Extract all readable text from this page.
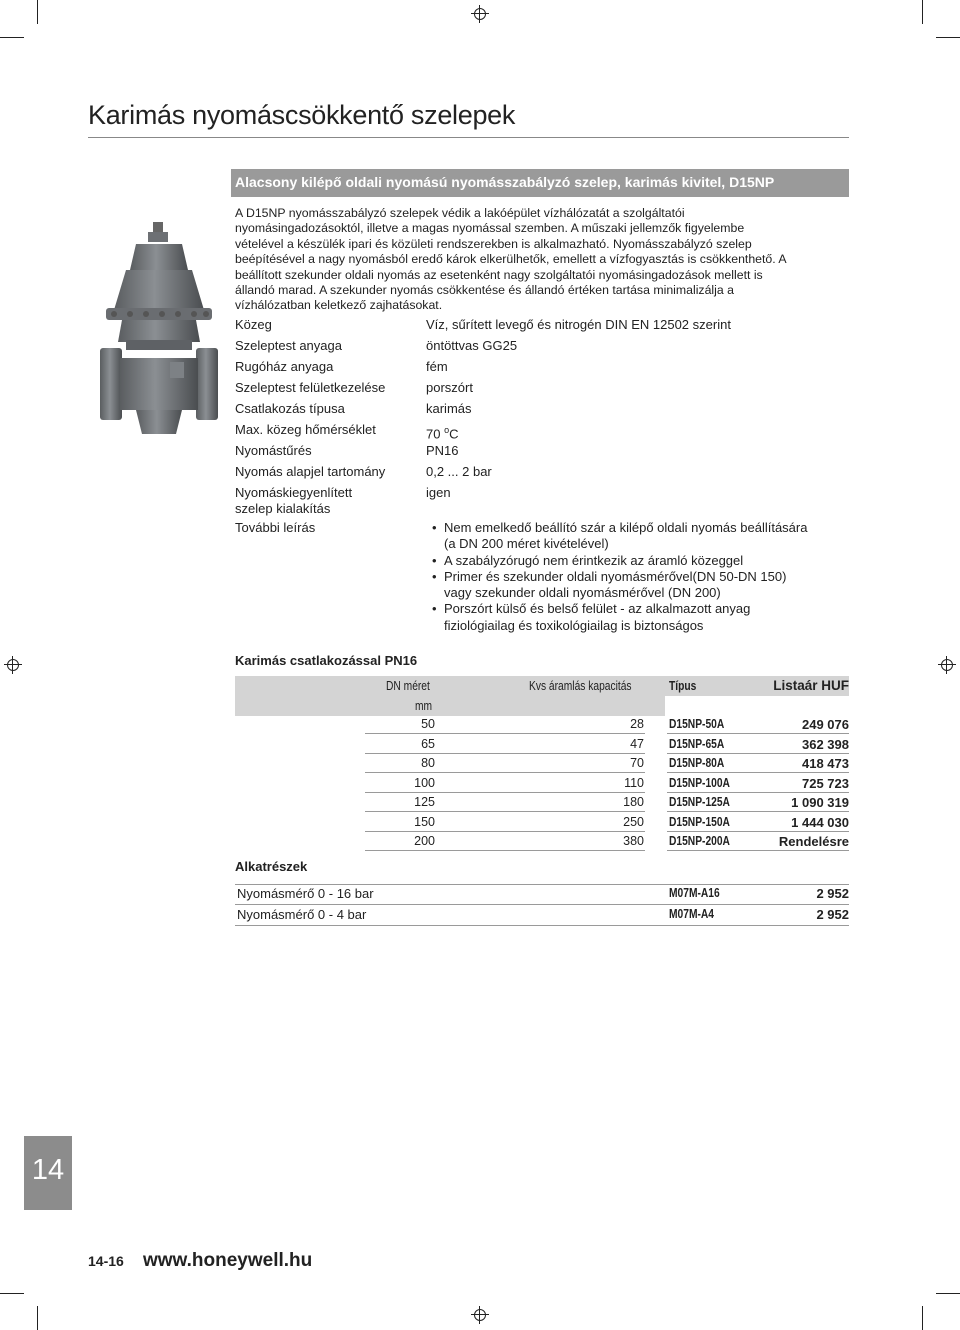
Karimás nyomáscsökkentő szelepek
Alacsony kilépő oldali nyomású nyomásszabályzó szelep, karimás kivitel, D15NP
A D15NP nyomásszabályzó szelepek védik a lakóépület vízhálózatát a szolgáltatói
nyomásingadozásoktól, illetve a magas nyomással szemben. A műszaki jellemzők figyelembe
vételével a készülék ipari és közületi rendszerekben is alkalmazható. Nyomásszabályzó szelep
beépítésével a nagy nyomásból eredő károk elkerülhetők, emellett a vízfogyasztás is csökkenthető. A
beállított szekunder oldali nyomás az esetenként nagy szolgáltatói nyomásingadozások mellett is
állandó marad. A szekunder nyomás csökkentése és állandó értéken tartása minimalizálja a
vízhálózatban keletkező zajhatásokat.
Közeg	Víz, sűrített levegő és nitrogén DIN EN 12502 szerint
Szeleptest anyaga	öntöttvas GG25
Rugóház anyaga	fém
Szeleptest felületkezelése	porszórt
Csatlakozás típusa	karimás
Max. közeg hőmérséklet	70 $^o$C
Nyomástűrés	PN16
Nyomás alapjel tartomány	0,2 ... 2 bar
Nyomáskiegyenlített
szelep kialakítás
igen
További leírás
•	Nem emelkedő beállító szár a kilépő oldali nyomás beállítására
(a DN 200 méret kivételével)
• A szabályzórugó nem érintkezik az áramló közeggel
• Primer és szekunder oldali nyomásmérővel(DN 50-DN 150)
vagy szekunder oldali nyomásmérővel (DN 200)
• Porszórt külső és belső felület - az alkalmazott anyag
fiziológiailag és toxikológiailag is biztonságos
Karimás csatlakozással PN16
DN méret	Kvs áramlás kapacitás	Típus	Listaár HUF
mm
50	28 D15NP-50A	249 076
65	47 D15NP-65A	362 398
80	70 D15NP-80A	418 473
100	110 D15NP-100A	725 723
125	180 D15NP-125A	1 090 319
150	250 D15NP-150A	1 444 030
200	380 D15NP-200A	Rendelésre
Alkatrészek
Nyomásmérő 0 - 16 bar	M07M-A16	2 952
Nyomásmérő 0 - 4 bar	M07M-A4	2 952
14
14-16 www.honeywell.hu
